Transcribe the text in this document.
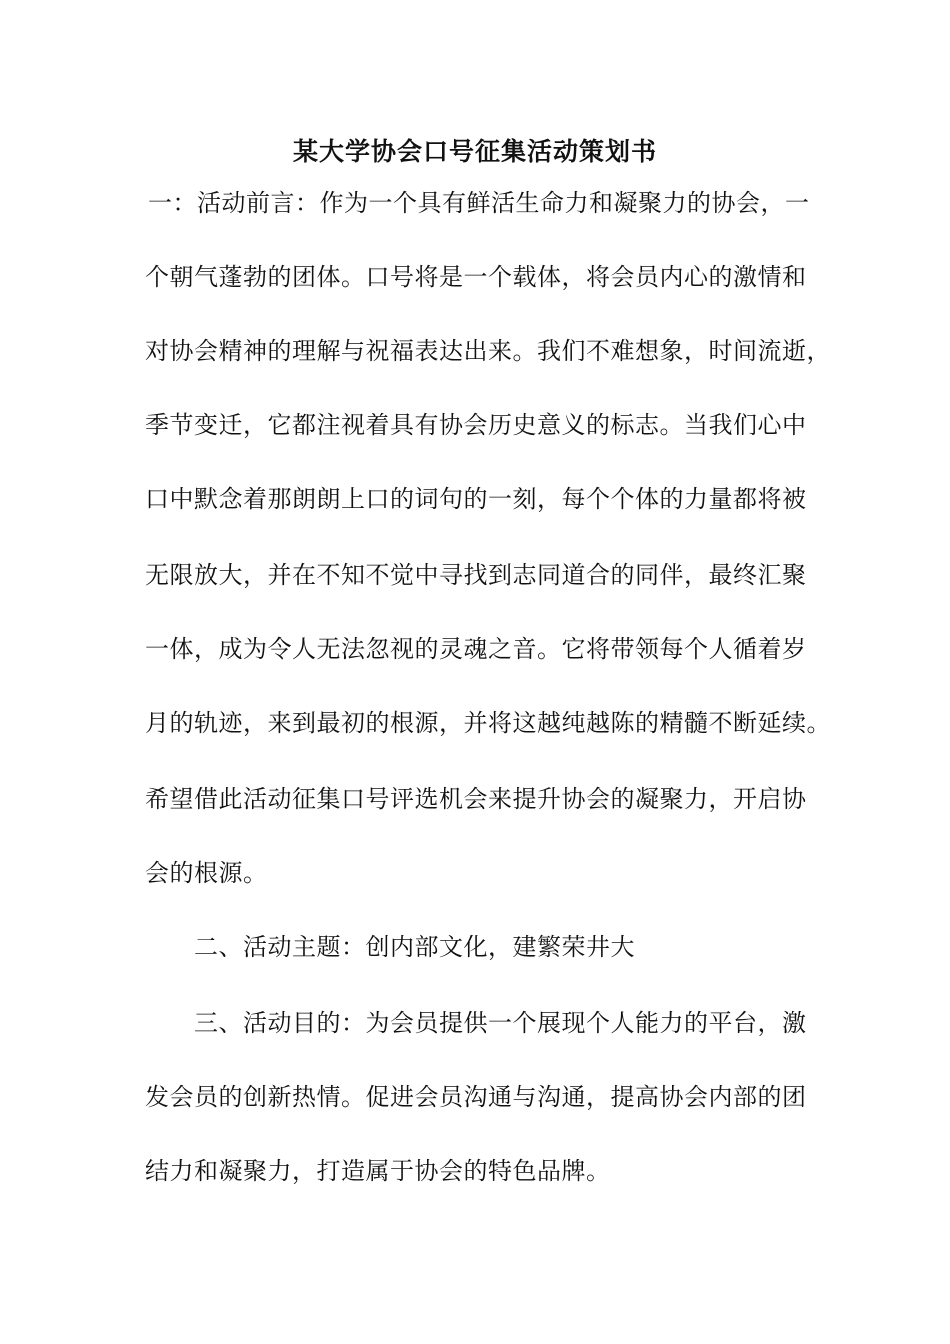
某大学协会口号征集活动策划书
一：活动前言：作为一个具有鲜活生命力和凝聚力的协会，一
个朝气蓬勃的团体。口号将是一个载体，将会员内心的激情和
对协会精神的理解与祝福表达出来。我们不难想象，时间流逝，
季节变迁，它都注视着具有协会历史意义的标志。当我们心中
口中默念着那朗朗上口的词句的一刻，每个个体的力量都将被
无限放大，并在不知不觉中寻找到志同道合的同伴，最终汇聚
一体，成为令人无法忽视的灵魂之音。它将带领每个人循着岁
月的轨迹，来到最初的根源，并将这越纯越陈的精髓不断延续。
希望借此活动征集口号评选机会来提升协会的凝聚力，开启协
会的根源。
二、活动主题：创内部文化，建繁荣井大
三、活动目的：为会员提供一个展现个人能力的平台，激
发会员的创新热情。促进会员沟通与沟通，提高协会内部的团
结力和凝聚力，打造属于协会的特色品牌。
